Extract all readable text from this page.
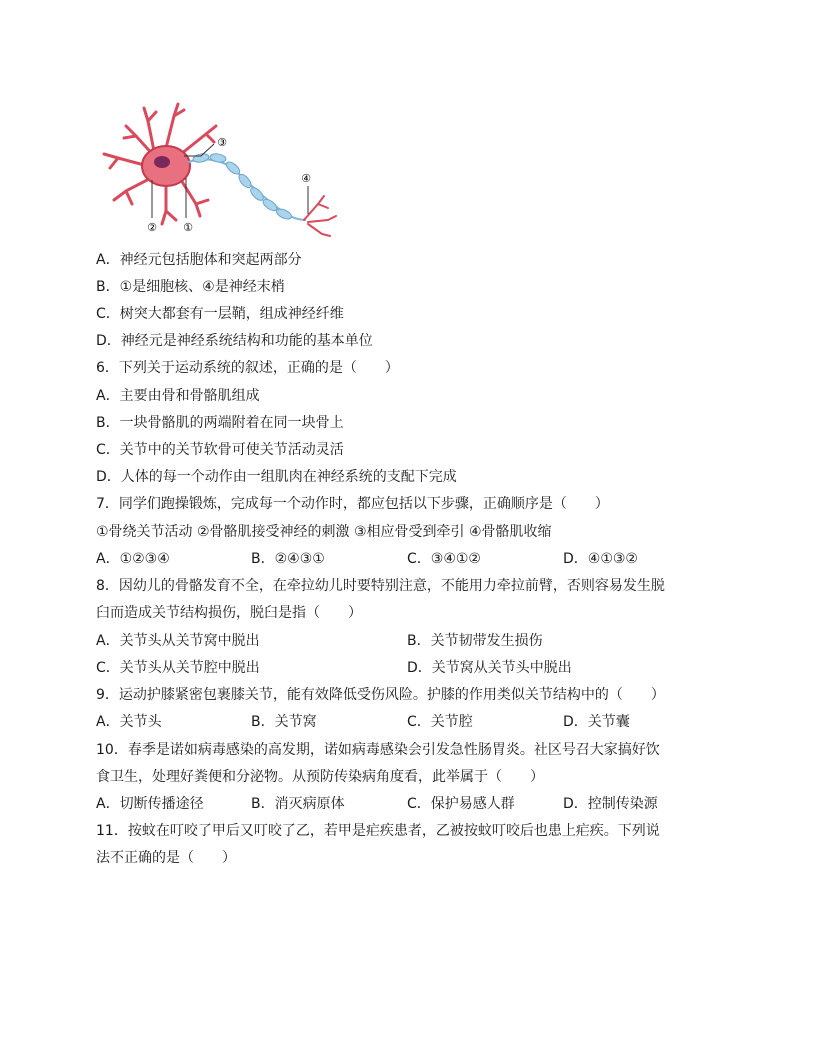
①
②
③
④
A．神经元包括胞体和突起两部分
B．①是细胞核、④是神经末梢
C．树突大都套有一层鞘，组成神经纤维
D．神经元是神经系统结构和功能的基本单位
6．下列关于运动系统的叙述，正确的是（　　）
A．主要由骨和骨骼肌组成
B．一块骨骼肌的两端附着在同一块骨上
C．关节中的关节软骨可使关节活动灵活
D．人体的每一个动作由一组肌肉在神经系统的支配下完成
7．同学们跑操锻炼，完成每一个动作时，都应包括以下步骤，正确顺序是（　　）
①骨绕关节活动 ②骨骼肌接受神经的刺激 ③相应骨受到牵引 ④骨骼肌收缩
A．①②③④	B．②④③①	C．③④①②	D．④①③②
8．因幼儿的骨骼发育不全，在牵拉幼儿时要特别注意，不能用力牵拉前臂，否则容易发生脱
臼而造成关节结构损伤，脱臼是指（　　）
A．关节头从关节窝中脱出	B．关节韧带发生损伤
C．关节头从关节腔中脱出	D．关节窝从关节头中脱出
9．运动护膝紧密包裹膝关节，能有效降低受伤风险。护膝的作用类似关节结构中的（　　）
A．关节头	B．关节窝	C．关节腔	D．关节囊
10．春季是诺如病毒感染的高发期，诺如病毒感染会引发急性肠胃炎。社区号召大家搞好饮
食卫生，处理好粪便和分泌物。从预防传染病角度看，此举属于（　　）
A．切断传播途径	B．消灭病原体	C．保护易感人群	D．控制传染源
11．按蚊在叮咬了甲后又叮咬了乙，若甲是疟疾患者，乙被按蚊叮咬后也患上疟疾。下列说
法不正确的是（　　）
